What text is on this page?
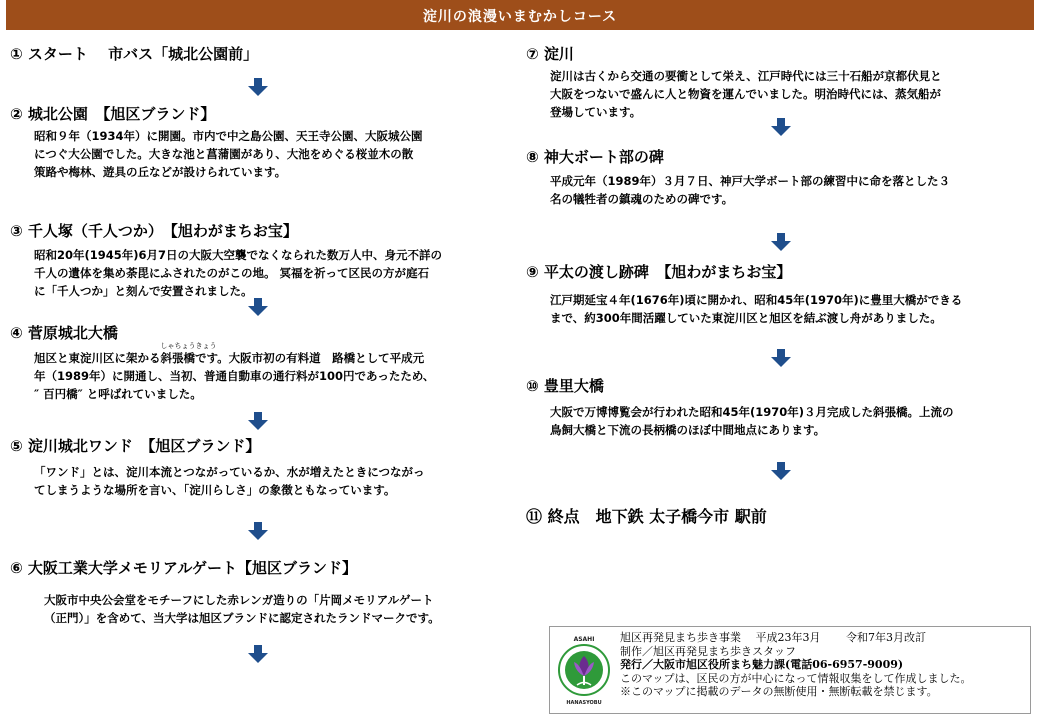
淀川の浪漫いまむかしコース
① スタート　 市バス「城北公園前」
② 城北公園　【旭区ブランド】
昭和９年（1934年）に開園。市内で中之島公園、天王寺公園、大阪城公園
につぐ大公園でした。大きな池と菖蒲園があり、大池をめぐる桜並木の散
策路や梅林、遊具の丘などが設けられています。
③ 千人塚（千人つか）　【旭わがまちお宝】
昭和20年(1945年)6月7日の大阪大空襲でなくなられた数万人中、身元不詳の
千人の遺体を集め荼毘にふされたのがこの地。 冥福を祈って区民の方が庭石
に「千人つか」と刻んで安置されました。
④ 菅原城北大橋
旭区と東淀川区に架かる
しゃちょうきょう
斜張橋です。大阪市初の有料道　路橋として平成元
年（1989年）に開通し、当初、普通自動車の通行料が100円であったため、
″ 百円橋″ と呼ばれていました。
⑤ 淀川城北ワンド　【旭区ブランド】
「ワンド」とは、淀川本流とつながっているか、水が増えたときにつながっ
てしまうような場所を言い、「淀川らしさ」の象徴ともなっています。
⑥ 大阪工業大学メモリアルゲート【旭区ブランド】
大阪市中央公会堂をモチーフにした赤レンガ造りの「片岡メモリアルゲート
（正門）」を含めて、当大学は旭区ブランドに認定されたランドマークです。
⑦ 淀川
淀川は古くから交通の要衝として栄え、江戸時代には三十石船が京都伏見と
大阪をつないで盛んに人と物資を運んでいました。明治時代には、蒸気船が
登場しています。
⑧ 神大ボート部の碑
平成元年（1989年）３月７日、神戸大学ボート部の練習中に命を落とした３
名の犠牲者の鎮魂のための碑です。
⑨ 平太の渡し跡碑　【旭わがまちお宝】
江戸期延宝４年(1676年)頃に開かれ、昭和45年(1970年)に豊里大橋ができる
まで、約300年間活躍していた東淀川区と旭区を結ぶ渡し舟がありました。
⑩ 豊里大橋
大阪で万博博覧会が行われた昭和45年(1970年)３月完成した斜張橋。上流の
鳥飼大橋と下流の長柄橋のほぼ中間地点にあります。
⑪ 終点　地下鉄 太子橋今市 駅前
ASAHI
HANASYOBU
旭区再発見まち歩き事業　 平成23年3月　　 令和7年3月改訂
制作／旭区再発見まち歩きスタッフ
発行／大阪市旭区役所まち魅力課(電話06-6957-9009)
このマップは、区民の方が中心になって情報収集をして作成しました。
※このマップに掲載のデータの無断使用・無断転載を禁じます。
